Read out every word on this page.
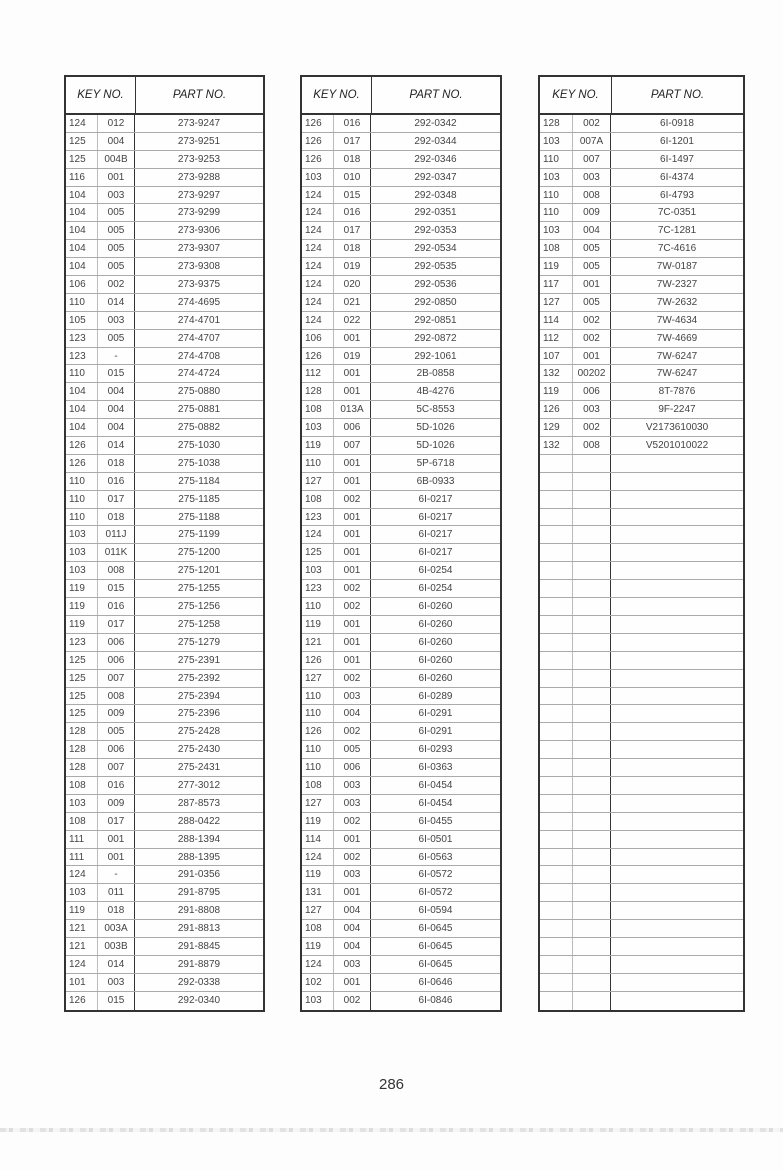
KEY NO.	PART NO.
124	012	273-9247
125	004	273-9251
125	004B	273-9253
116	001	273-9288
104	003	273-9297
104	005	273-9299
104	005	273-9306
104	005	273-9307
104	005	273-9308
106	002	273-9375
110	014	274-4695
105	003	274-4701
123	005	274-4707
123	-	274-4708
110	015	274-4724
104	004	275-0880
104	004	275-0881
104	004	275-0882
126	014	275-1030
126	018	275-1038
110	016	275-1184
110	017	275-1185
110	018	275-1188
103	011J	275-1199
103	011K	275-1200
103	008	275-1201
119	015	275-1255
119	016	275-1256
119	017	275-1258
123	006	275-1279
125	006	275-2391
125	007	275-2392
125	008	275-2394
125	009	275-2396
128	005	275-2428
128	006	275-2430
128	007	275-2431
108	016	277-3012
103	009	287-8573
108	017	288-0422
111	001	288-1394
111	001	288-1395
124	-	291-0356
103	011	291-8795
119	018	291-8808
121	003A	291-8813
121	003B	291-8845
124	014	291-8879
101	003	292-0338
126	015	292-0340
KEY NO.	PART NO.
126	016	292-0342
126	017	292-0344
126	018	292-0346
103	010	292-0347
124	015	292-0348
124	016	292-0351
124	017	292-0353
124	018	292-0534
124	019	292-0535
124	020	292-0536
124	021	292-0850
124	022	292-0851
106	001	292-0872
126	019	292-1061
112	001	2B-0858
128	001	4B-4276
108	013A	5C-8553
103	006	5D-1026
119	007	5D-1026
110	001	5P-6718
127	001	6B-0933
108	002	6I-0217
123	001	6I-0217
124	001	6I-0217
125	001	6I-0217
103	001	6I-0254
123	002	6I-0254
110	002	6I-0260
119	001	6I-0260
121	001	6I-0260
126	001	6I-0260
127	002	6I-0260
110	003	6I-0289
110	004	6I-0291
126	002	6I-0291
110	005	6I-0293
110	006	6I-0363
108	003	6I-0454
127	003	6I-0454
119	002	6I-0455
114	001	6I-0501
124	002	6I-0563
119	003	6I-0572
131	001	6I-0572
127	004	6I-0594
108	004	6I-0645
119	004	6I-0645
124	003	6I-0645
102	001	6I-0646
103	002	6I-0846
KEY NO.	PART NO.
128	002	6I-0918
103	007A	6I-1201
110	007	6I-1497
103	003	6I-4374
110	008	6I-4793
110	009	7C-0351
103	004	7C-1281
108	005	7C-4616
119	005	7W-0187
117	001	7W-2327
127	005	7W-2632
114	002	7W-4634
112	002	7W-4669
107	001	7W-6247
132	00202	7W-6247
119	006	8T-7876
126	003	9F-2247
129	002	V2173610030
132	008	V5201010022
286
